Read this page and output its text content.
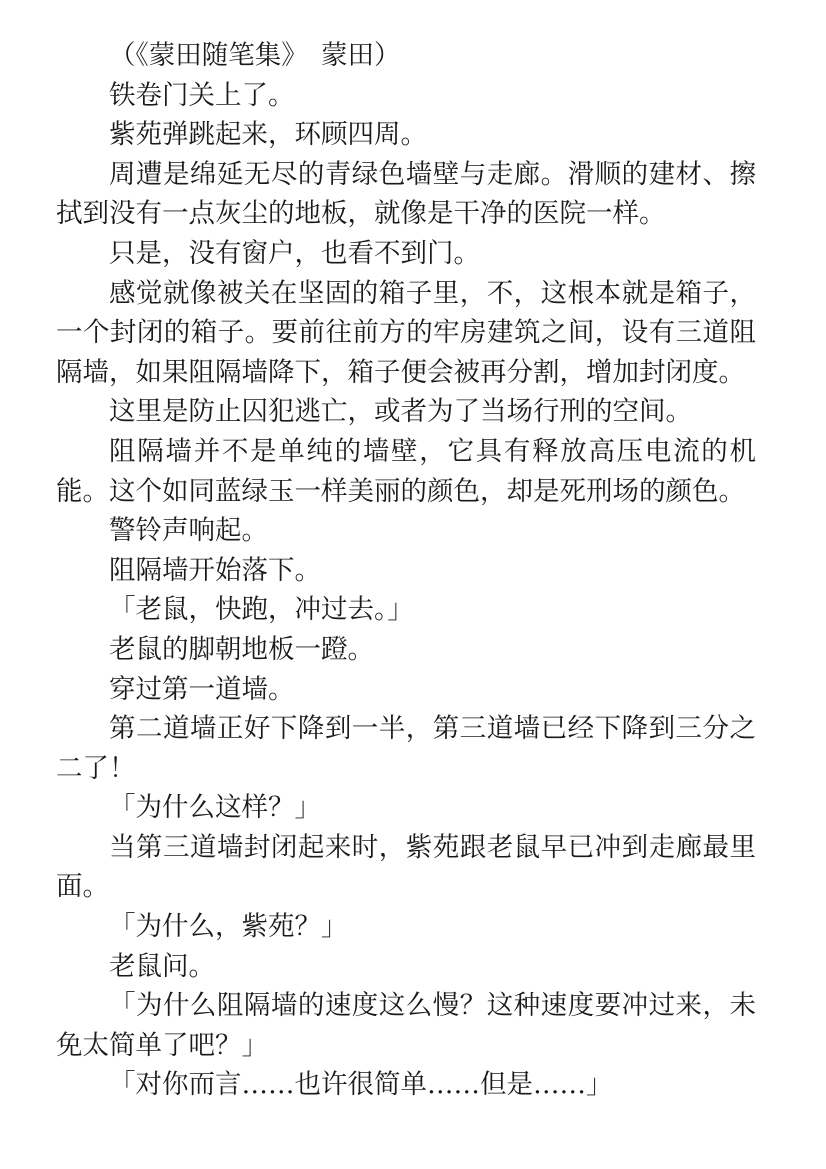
（《蒙田随笔集》　蒙田）

铁卷门关上了。

紫苑弹跳起来，环顾四周。

周遭是绵延无尽的青绿色墙壁与走廊。滑顺的建材、擦拭到没有一点灰尘的地板，就像是干净的医院一样。

只是，没有窗户，也看不到门。

感觉就像被关在坚固的箱子里，不，这根本就是箱子，一个封闭的箱子。要前往前方的牢房建筑之间，设有三道阻隔墙，如果阻隔墙降下，箱子便会被再分割，增加封闭度。

这里是防止囚犯逃亡，或者为了当场行刑的空间。

阻隔墙并不是单纯的墙壁，它具有释放高压电流的机能。这个如同蓝绿玉一样美丽的颜色，却是死刑场的颜色。

警铃声响起。

阻隔墙开始落下。

「老鼠，快跑，冲过去。」

老鼠的脚朝地板一蹬。

穿过第一道墙。

第二道墙正好下降到一半，第三道墙已经下降到三分之二了！

「为什么这样？」

当第三道墙封闭起来时，紫苑跟老鼠早已冲到走廊最里面。

「为什么，紫苑？」

老鼠问。

「为什么阻隔墙的速度这么慢？这种速度要冲过来，未免太简单了吧？」

「对你而言……也许很简单……但是……」
